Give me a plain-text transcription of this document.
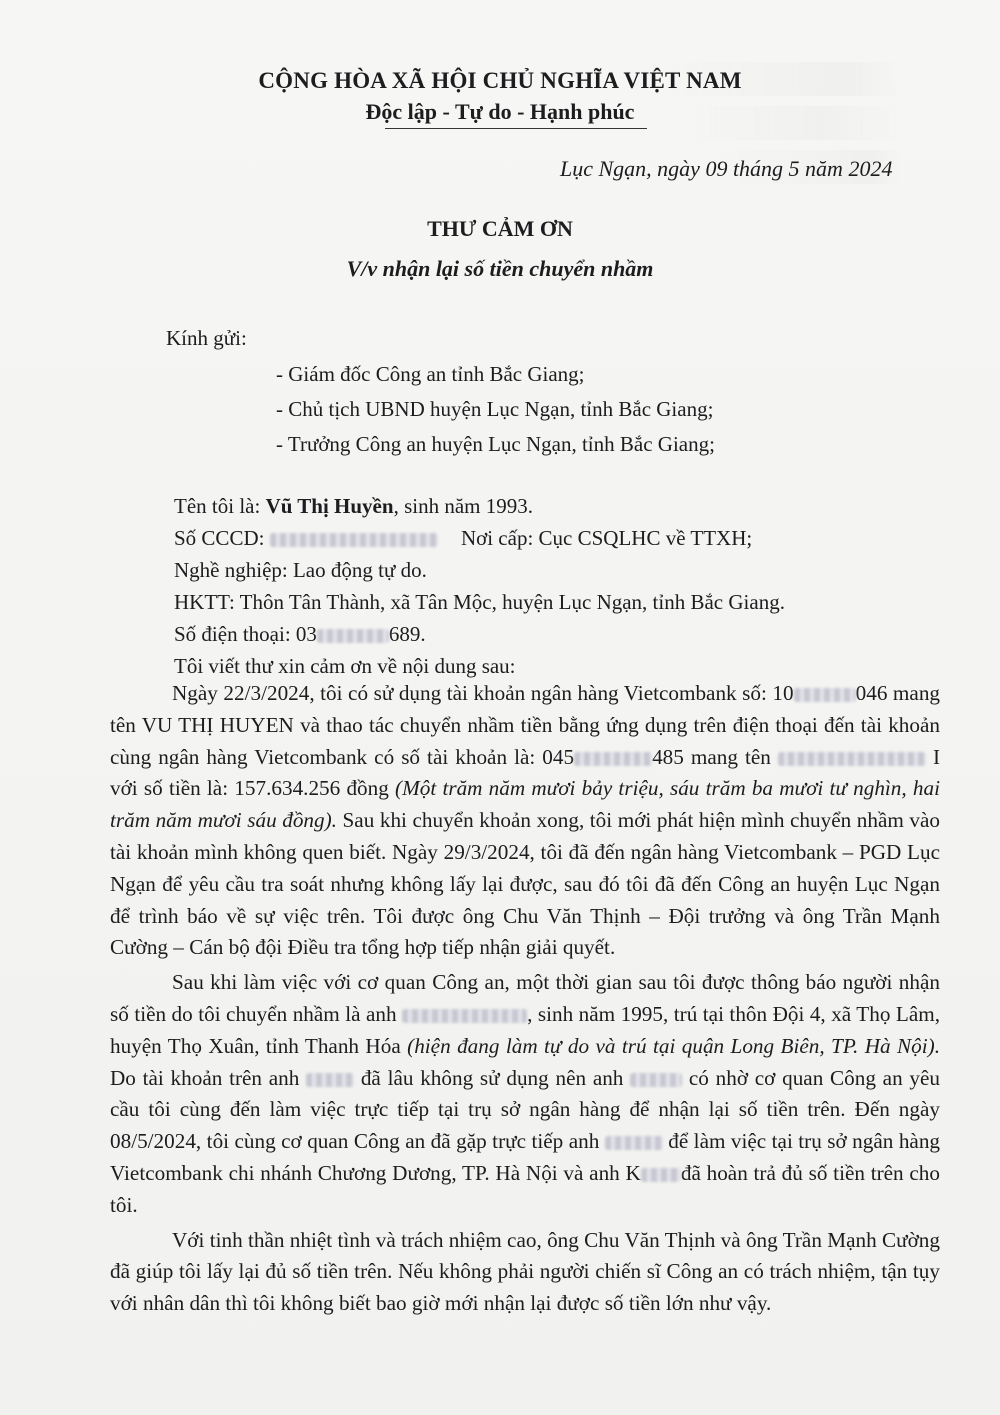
CỘNG HÒA XÃ HỘI CHỦ NGHĨA VIỆT NAM
Độc lập - Tự do - Hạnh phúc
Lục Ngạn, ngày 09 tháng 5 năm 2024
THƯ CẢM ƠN
V/v nhận lại số tiền chuyển nhầm
Kính gửi:
- Giám đốc Công an tỉnh Bắc Giang;
- Chủ tịch UBND huyện Lục Ngạn, tỉnh Bắc Giang;
- Trưởng Công an huyện Lục Ngạn, tỉnh Bắc Giang;
Tên tôi là: Vũ Thị Huyền, sinh năm 1993.
Số CCCD:	Nơi cấp: Cục CSQLHC về TTXH;
Nghề nghiệp: Lao động tự do.
HKTT: Thôn Tân Thành, xã Tân Mộc, huyện Lục Ngạn, tỉnh Bắc Giang.
Số điện thoại: 03	689.
Tôi viết thư xin cảm ơn về nội dung sau:

Ngày 22/3/2024, tôi có sử dụng tài khoản ngân hàng Vietcombank số: 10	046 mang tên VU THỊ HUYEN và thao tác chuyển nhầm tiền bằng ứng dụng trên điện thoại đến tài khoản cùng ngân hàng Vietcombank có số tài khoản là: 045	485 mang tên	I với số tiền là: 157.634.256 đồng (Một trăm năm mươi bảy triệu, sáu trăm ba mươi tư nghìn, hai trăm năm mươi sáu đồng). Sau khi chuyển khoản xong, tôi mới phát hiện mình chuyển nhầm vào tài khoản mình không quen biết. Ngày 29/3/2024, tôi đã đến ngân hàng Vietcombank – PGD Lục Ngạn để yêu cầu tra soát nhưng không lấy lại được, sau đó tôi đã đến Công an huyện Lục Ngạn để trình báo về sự việc trên. Tôi được ông Chu Văn Thịnh – Đội trưởng và ông Trần Mạnh Cường – Cán bộ đội Điều tra tổng hợp tiếp nhận giải quyết.

Sau khi làm việc với cơ quan Công an, một thời gian sau tôi được thông báo người nhận số tiền do tôi chuyển nhầm là anh	, sinh năm 1995, trú tại thôn Đội 4, xã Thọ Lâm, huyện Thọ Xuân, tỉnh Thanh Hóa (hiện đang làm tự do và trú tại quận Long Biên, TP. Hà Nội). Do tài khoản trên anh	đã lâu không sử dụng nên anh	có nhờ cơ quan Công an yêu cầu tôi cùng đến làm việc trực tiếp tại trụ sở ngân hàng để nhận lại số tiền trên. Đến ngày 08/5/2024, tôi cùng cơ quan Công an đã gặp trực tiếp anh	để làm việc tại trụ sở ngân hàng Vietcombank chi nhánh Chương Dương, TP. Hà Nội và anh K đã hoàn trả đủ số tiền trên cho tôi.

Với tinh thần nhiệt tình và trách nhiệm cao, ông Chu Văn Thịnh và ông Trần Mạnh Cường đã giúp tôi lấy lại đủ số tiền trên. Nếu không phải người chiến sĩ Công an có trách nhiệm, tận tụy với nhân dân thì tôi không biết bao giờ mới nhận lại được số tiền lớn như vậy.
